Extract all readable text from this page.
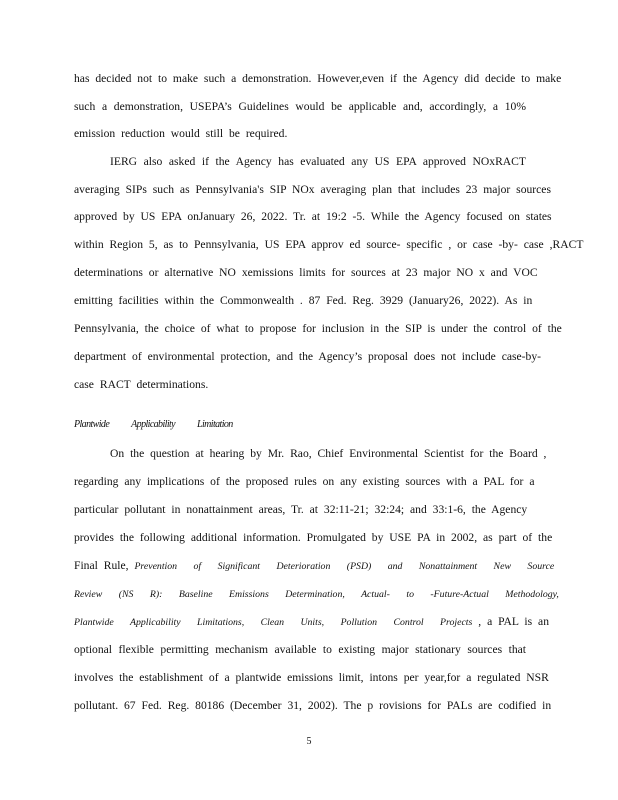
has decided not to make such a demonstration. However,even if the Agency did decide to make

such a demonstration, USEPA’s Guidelines would be applicable and, accordingly, a 10%

emission reduction would still be required.

IERG also asked if the Agency has evaluated any US EPA approved NOxRACT

averaging SIPs such as Pennsylvania's SIP NOx averaging plan that includes 23 major sources

approved by US EPA onJanuary 26, 2022. Tr. at 19:2 -5. While the Agency focused on states

within Region 5, as to Pennsylvania, US EPA approv ed source- specific , or case -by- case ,RACT

determinations or alternative NO xemissions limits for sources at 23 major NO x and VOC

emitting facilities within the Commonwealth . 87 Fed. Reg. 3929 (January26, 2022). As in

Pennsylvania, the choice of what to propose for inclusion in the SIP is under the control of the

department of environmental protection, and the Agency’s proposal does not include case-by-

case RACT determinations.

Plantwide Applicability Limitation

On the question at hearing by Mr. Rao, Chief Environmental Scientist for the Board ,

regarding any implications of the proposed rules on any existing sources with a PAL for a

particular pollutant in nonattainment areas, Tr. at 32:11-21; 32:24; and 33:1-6, the Agency

provides the following additional information. Promulgated by USE PA in 2002, as part of the

Final Rule, Prevention of Significant Deterioration (PSD) and Nonattainment New Source

Review (NS R): Baseline Emissions Determination, Actual- to -Future-Actual Methodology,

Plantwide Applicability Limitations, Clean Units, Pollution Control Projects , a PAL is an

optional flexible permitting mechanism available to existing major stationary sources that

involves the establishment of a plantwide emissions limit, intons per year,for a regulated NSR

pollutant. 67 Fed. Reg. 80186 (December 31, 2002). The p rovisions for PALs are codified in

5
